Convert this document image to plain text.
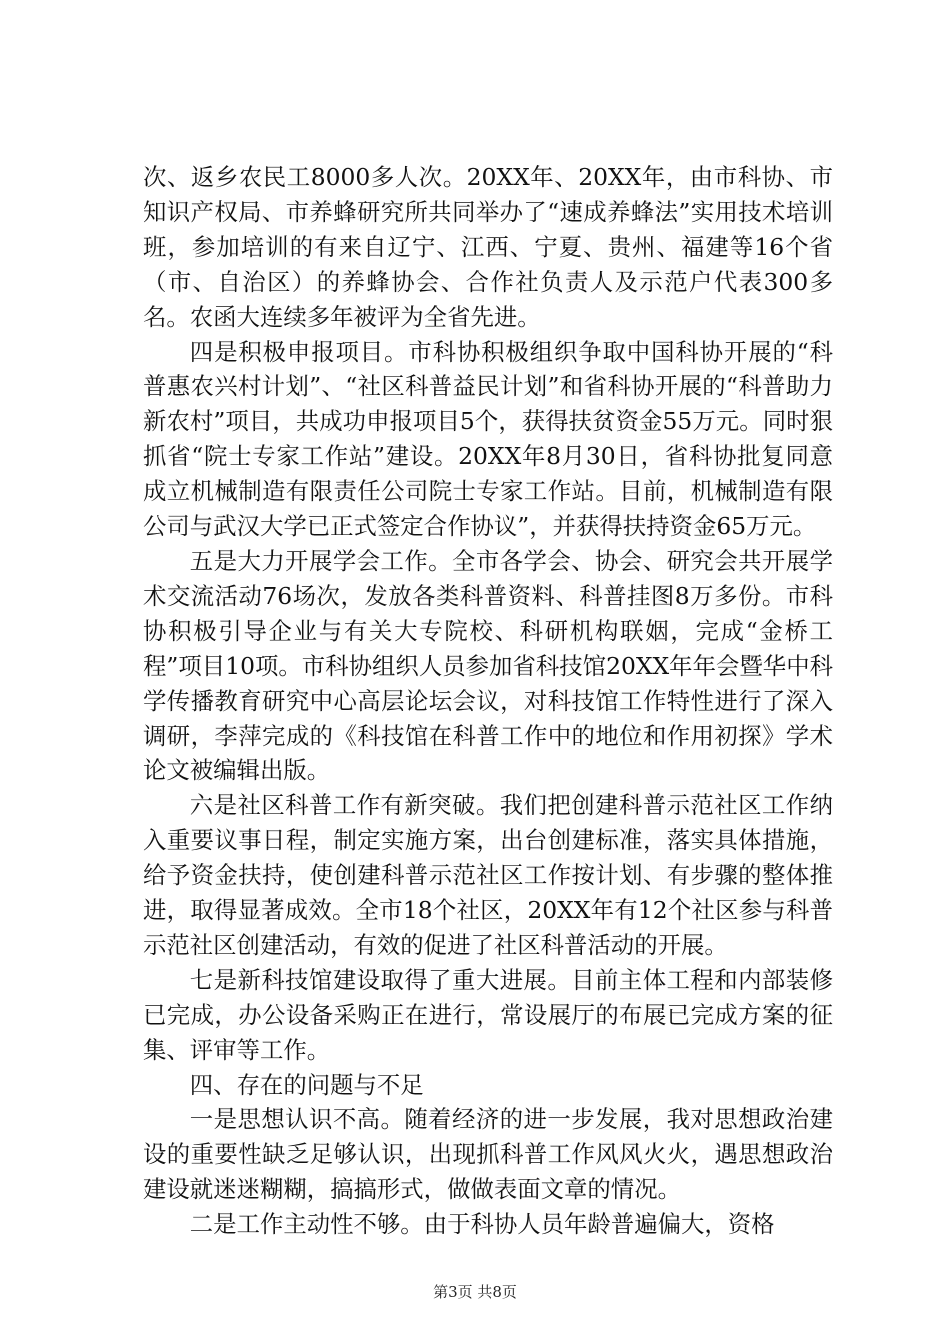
次、返乡农民工8000多人次。20XX年、20XX年，由市科协、市知识产权局、市养蜂研究所共同举办了“速成养蜂法”实用技术培训班，参加培训的有来自辽宁、江西、宁夏、贵州、福建等16个省（市、自治区）的养蜂协会、合作社负责人及示范户代表300多名。农函大连续多年被评为全省先进。

四是积极申报项目。市科协积极组织争取中国科协开展的“科普惠农兴村计划”、“社区科普益民计划”和省科协开展的“科普助力新农村”项目，共成功申报项目5个，获得扶贫资金55万元。同时狠抓省“院士专家工作站”建设。20XX年8月30日，省科协批复同意成立机械制造有限责任公司院士专家工作站。目前，机械制造有限公司与武汉大学已正式签定合作协议”，并获得扶持资金65万元。

五是大力开展学会工作。全市各学会、协会、研究会共开展学术交流活动76场次，发放各类科普资料、科普挂图8万多份。市科协积极引导企业与有关大专院校、科研机构联姻，完成“金桥工程”项目10项。市科协组织人员参加省科技馆20XX年年会暨华中科学传播教育研究中心高层论坛会议，对科技馆工作特性进行了深入调研，李萍完成的《科技馆在科普工作中的地位和作用初探》学术论文被编辑出版。

六是社区科普工作有新突破。我们把创建科普示范社区工作纳入重要议事日程，制定实施方案，出台创建标准，落实具体措施，给予资金扶持，使创建科普示范社区工作按计划、有步骤的整体推进，取得显著成效。全市18个社区，20XX年有12个社区参与科普示范社区创建活动，有效的促进了社区科普活动的开展。

七是新科技馆建设取得了重大进展。目前主体工程和内部装修已完成，办公设备采购正在进行，常设展厅的布展已完成方案的征集、评审等工作。

四、存在的问题与不足

一是思想认识不高。随着经济的进一步发展，我对思想政治建设的重要性缺乏足够认识，出现抓科普工作风风火火，遇思想政治建设就迷迷糊糊，搞搞形式，做做表面文章的情况。

二是工作主动性不够。由于科协人员年龄普遍偏大，资格

第3页 共8页
